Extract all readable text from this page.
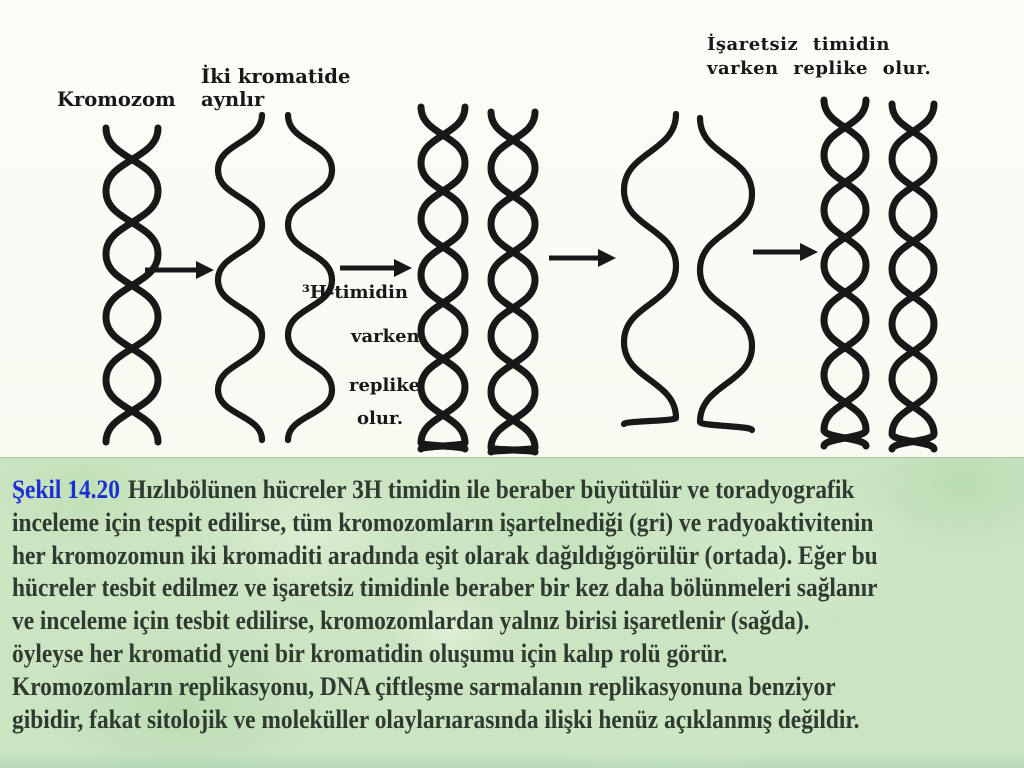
Kromozom
İki kromatide
aynlır
İşaretsiz timidin
varken replike olur.
³H-timidin
varken
replike
olur.
Şekil 14.20 Hızlıbölünen hücreler 3H timidin ile beraber büyütülür ve toradyografik
inceleme için tespit edilirse, tüm kromozomların işartelnediği (gri) ve radyoaktivitenin
her kromozomun iki kromaditi aradında eşit olarak dağıldığıgörülür (ortada). Eğer bu
hücreler tesbit edilmez ve işaretsiz timidinle beraber bir kez daha bölünmeleri sağlanır
ve inceleme için tesbit edilirse, kromozomlardan yalnız birisi işaretlenir (sağda).
öyleyse her kromatid yeni bir kromatidin oluşumu için kalıp rolü görür.
Kromozomların replikasyonu, DNA çiftleşme sarmalanın replikasyonuna benziyor
gibidir, fakat sitolojik ve moleküller olaylarıarasında ilişki henüz açıklanmış değildir.
